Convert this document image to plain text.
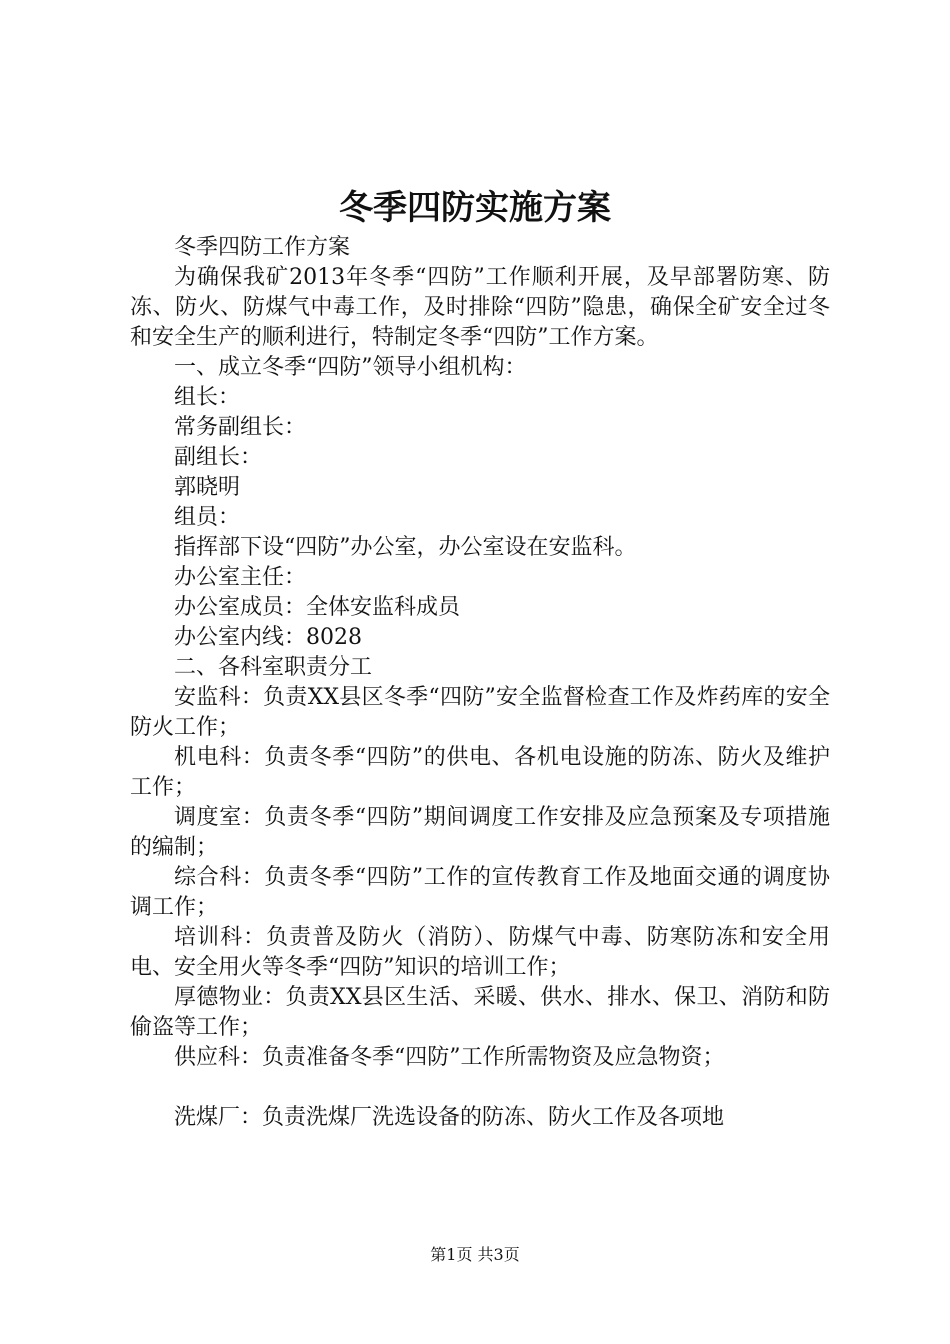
冬季四防实施方案

冬季四防工作方案

为确保我矿2013年冬季“四防”工作顺利开展，及早部署防寒、防冻、防火、防煤气中毒工作，及时排除“四防”隐患，确保全矿安全过冬和安全生产的顺利进行，特制定冬季“四防”工作方案。

一、成立冬季“四防”领导小组机构：

组长：

常务副组长：

副组长：

郭晓明

组员：

指挥部下设“四防”办公室，办公室设在安监科。

办公室主任：

办公室成员：全体安监科成员

办公室内线：8028

二、各科室职责分工

安监科：负责XX县区冬季“四防”安全监督检查工作及炸药库的安全防火工作；

机电科：负责冬季“四防”的供电、各机电设施的防冻、防火及维护工作；

调度室：负责冬季“四防”期间调度工作安排及应急预案及专项措施的编制；

综合科：负责冬季“四防”工作的宣传教育工作及地面交通的调度协调工作；

培训科：负责普及防火（消防）、防煤气中毒、防寒防冻和安全用电、安全用火等冬季“四防”知识的培训工作；

厚德物业：负责XX县区生活、采暖、供水、排水、保卫、消防和防偷盗等工作；

供应科：负责准备冬季“四防”工作所需物资及应急物资；

洗煤厂：负责洗煤厂洗选设备的防冻、防火工作及各项地

第1页 共3页
